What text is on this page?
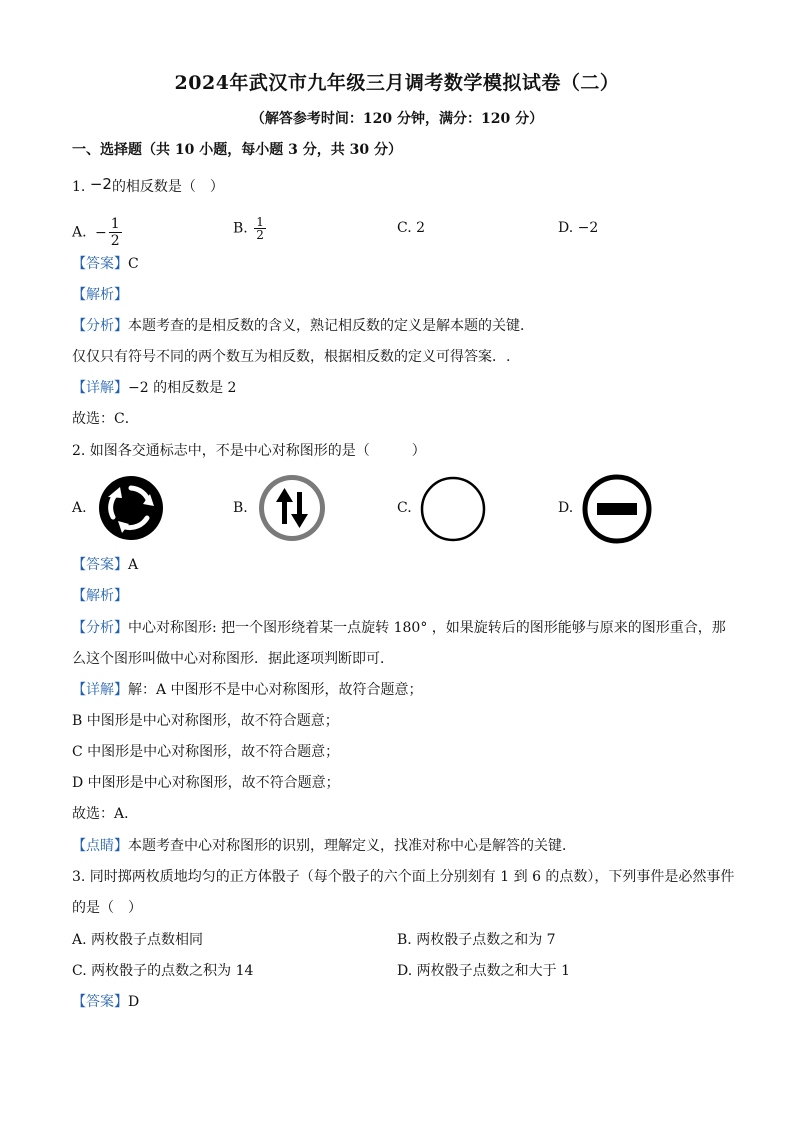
2024年武汉市九年级三月调考数学模拟试卷（二）
（解答参考时间：120 分钟，满分：120 分）
一、选择题（共 10 小题，每小题 3 分，共 30 分）
1. −2的相反数是（　）
A. − $\frac{1}{2}$	B. $\frac{1}{2}$	C. 2	D. −2
【答案】C
【解析】
【分析】本题考查的是相反数的含义，熟记相反数的定义是解本题的关键．
仅仅只有符号不同的两个数互为相反数，根据相反数的定义可得答案．.
【详解】−2 的相反数是 2
故选：C．
2. 如图各交通标志中，不是中心对称图形的是（　　　）
A.	B.	C.	D.
【答案】A
【解析】
【分析】中心对称图形: 把一个图形绕着某一点旋转 180° ，如果旋转后的图形能够与原来的图形重合，那
么这个图形叫做中心对称图形．据此逐项判断即可．
【详解】解：A 中图形不是中心对称图形，故符合题意；
B 中图形是中心对称图形，故不符合题意；
C 中图形是中心对称图形，故不符合题意；
D 中图形是中心对称图形，故不符合题意；
故选：A．
【点睛】本题考查中心对称图形的识别，理解定义，找准对称中心是解答的关键．
3. 同时掷两枚质地均匀的正方体骰子（每个骰子的六个面上分别刻有 1 到 6 的点数），下列事件是必然事件
的是（　）
A. 两枚骰子点数相同	B. 两枚骰子点数之和为 7
C. 两枚骰子的点数之积为 14	D. 两枚骰子点数之和大于 1
【答案】D
